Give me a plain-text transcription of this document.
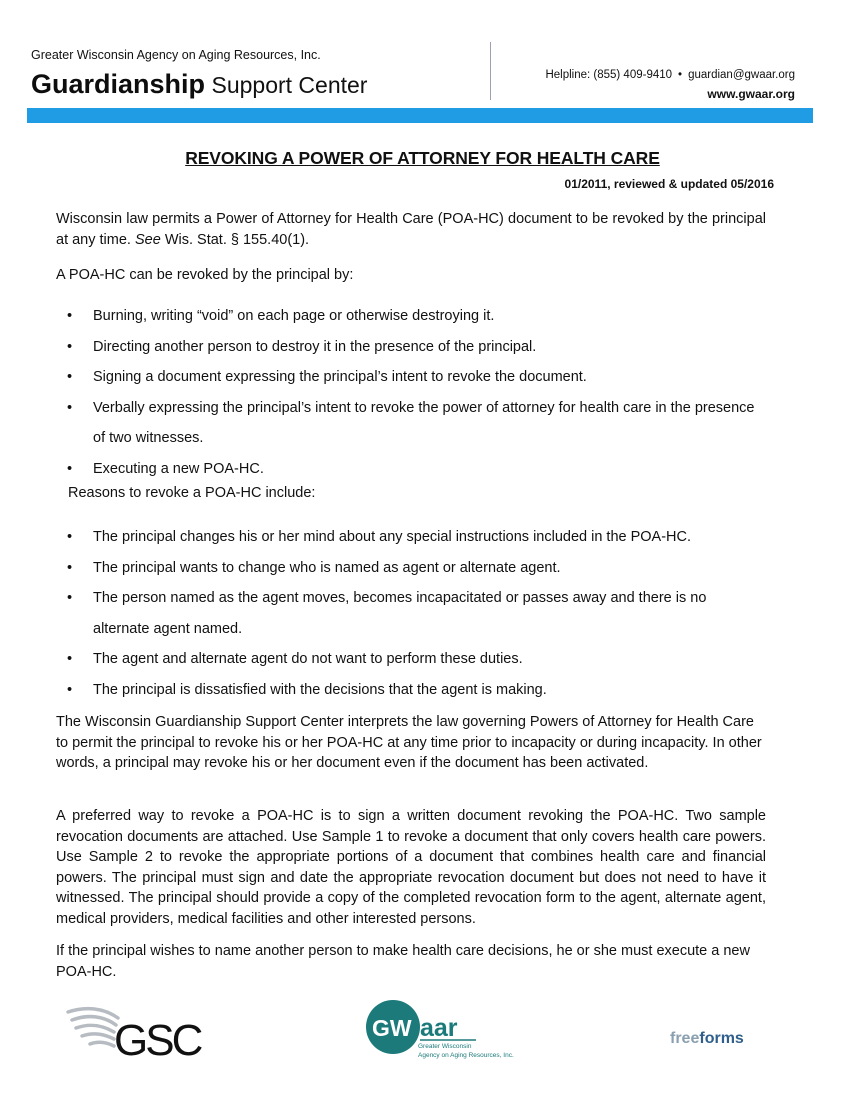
Greater Wisconsin Agency on Aging Resources, Inc.
Guardianship Support Center	Helpline: (855) 409-9410 • guardian@gwaar.org
www.gwaar.org
REVOKING A POWER OF ATTORNEY FOR HEALTH CARE
01/2011, reviewed & updated 05/2016
Wisconsin law permits a Power of Attorney for Health Care (POA-HC) document to be revoked by the principal at any time. See Wis. Stat. § 155.40(1).
A POA-HC can be revoked by the principal by:
• Burning, writing “void” on each page or otherwise destroying it.
• Directing another person to destroy it in the presence of the principal.
• Signing a document expressing the principal’s intent to revoke the document.
• Verbally expressing the principal’s intent to revoke the power of attorney for health care in the presence of two witnesses.
• Executing a new POA-HC.
Reasons to revoke a POA-HC include:
• The principal changes his or her mind about any special instructions included in the POA-HC.
• The principal wants to change who is named as agent or alternate agent.
• The person named as the agent moves, becomes incapacitated or passes away and there is no alternate agent named.
• The agent and alternate agent do not want to perform these duties.
• The principal is dissatisfied with the decisions that the agent is making.
The Wisconsin Guardianship Support Center interprets the law governing Powers of Attorney for Health Care to permit the principal to revoke his or her POA-HC at any time prior to incapacity or during incapacity. In other words, a principal may revoke his or her document even if the document has been activated.
A preferred way to revoke a POA-HC is to sign a written document revoking the POA-HC. Two sample revocation documents are attached. Use Sample 1 to revoke a document that only covers health care powers. Use Sample 2 to revoke the appropriate portions of a document that combines health care and financial powers. The principal must sign and date the appropriate revocation document but does not need to have it witnessed. The principal should provide a copy of the completed revocation form to the agent, alternate agent, medical providers, medical facilities and other interested persons.
If the principal wishes to name another person to make health care decisions, he or she must execute a new POA-HC.
GSC	GW aar
Greater Wisconsin
Agency on Aging Resources, Inc.
freeforms
